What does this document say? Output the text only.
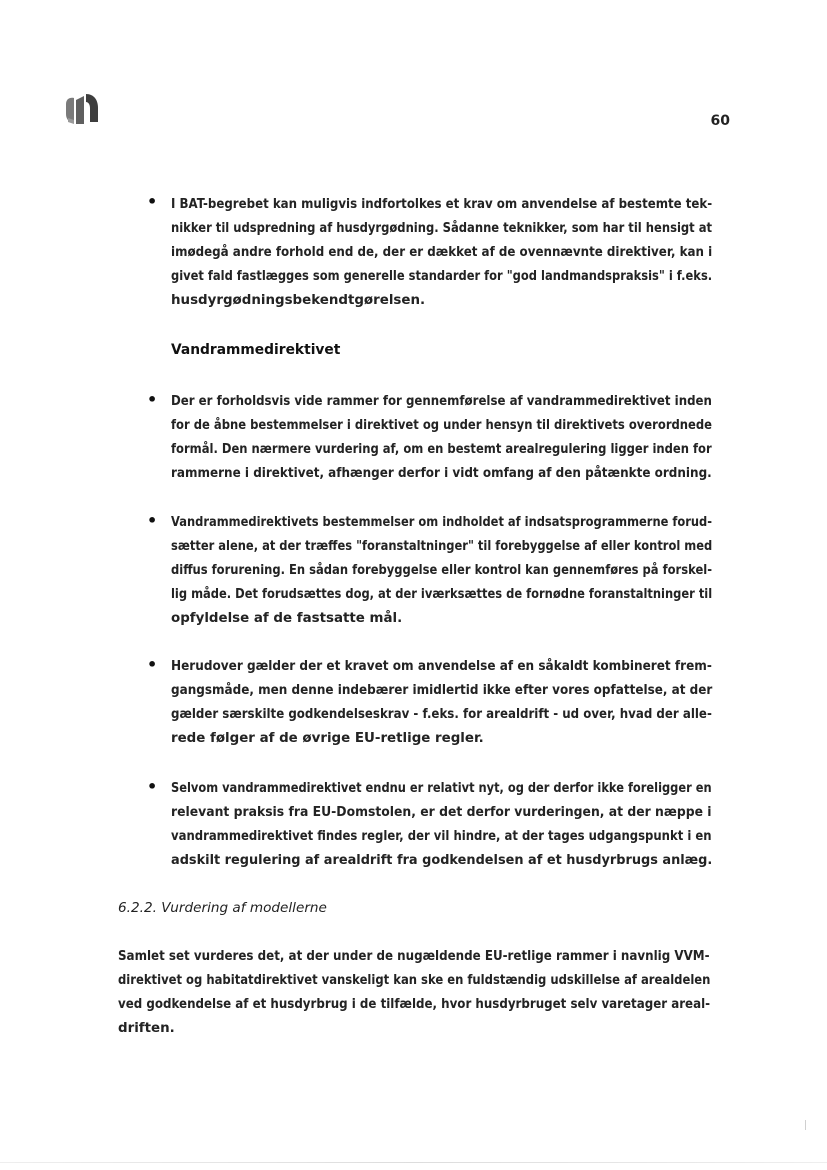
60
• I BAT-begrebet kan muligvis indfortolkes et krav om anvendelse af bestemte tek-
nikker til udspredning af husdyrgødning. Sådanne teknikker, som har til hensigt at
imødegå andre forhold end de, der er dækket af de ovennævnte direktiver, kan i
givet fald fastlægges som generelle standarder for "god landmandspraksis" i f.eks.
husdyrgødningsbekendtgørelsen.
Vandrammedirektivet
• Der er forholdsvis vide rammer for gennemførelse af vandrammedirektivet inden
for de åbne bestemmelser i direktivet og under hensyn til direktivets overordnede
formål. Den nærmere vurdering af, om en bestemt arealregulering ligger inden for
rammerne i direktivet, afhænger derfor i vidt omfang af den påtænkte ordning.
• Vandrammedirektivets bestemmelser om indholdet af indsatsprogrammerne forud-
sætter alene, at der træffes "foranstaltninger" til forebyggelse af eller kontrol med
diffus forurening. En sådan forebyggelse eller kontrol kan gennemføres på forskel-
lig måde. Det forudsættes dog, at der iværksættes de fornødne foranstaltninger til
opfyldelse af de fastsatte mål.
• Herudover gælder der et kravet om anvendelse af en såkaldt kombineret frem-
gangsmåde, men denne indebærer imidlertid ikke efter vores opfattelse, at der
gælder særskilte godkendelseskrav - f.eks. for arealdrift - ud over, hvad der alle-
rede følger af de øvrige EU-retlige regler.
• Selvom vandrammedirektivet endnu er relativt nyt, og der derfor ikke foreligger en
relevant praksis fra EU-Domstolen, er det derfor vurderingen, at der næppe i
vandrammedirektivet findes regler, der vil hindre, at der tages udgangspunkt i en
adskilt regulering af arealdrift fra godkendelsen af et husdyrbrugs anlæg.
6.2.2. Vurdering af modellerne
Samlet set vurderes det, at der under de nugældende EU-retlige rammer i navnlig VVM-
direktivet og habitatdirektivet vanskeligt kan ske en fuldstændig udskillelse af arealdelen
ved godkendelse af et husdyrbrug i de tilfælde, hvor husdyrbruget selv varetager areal-
driften.
